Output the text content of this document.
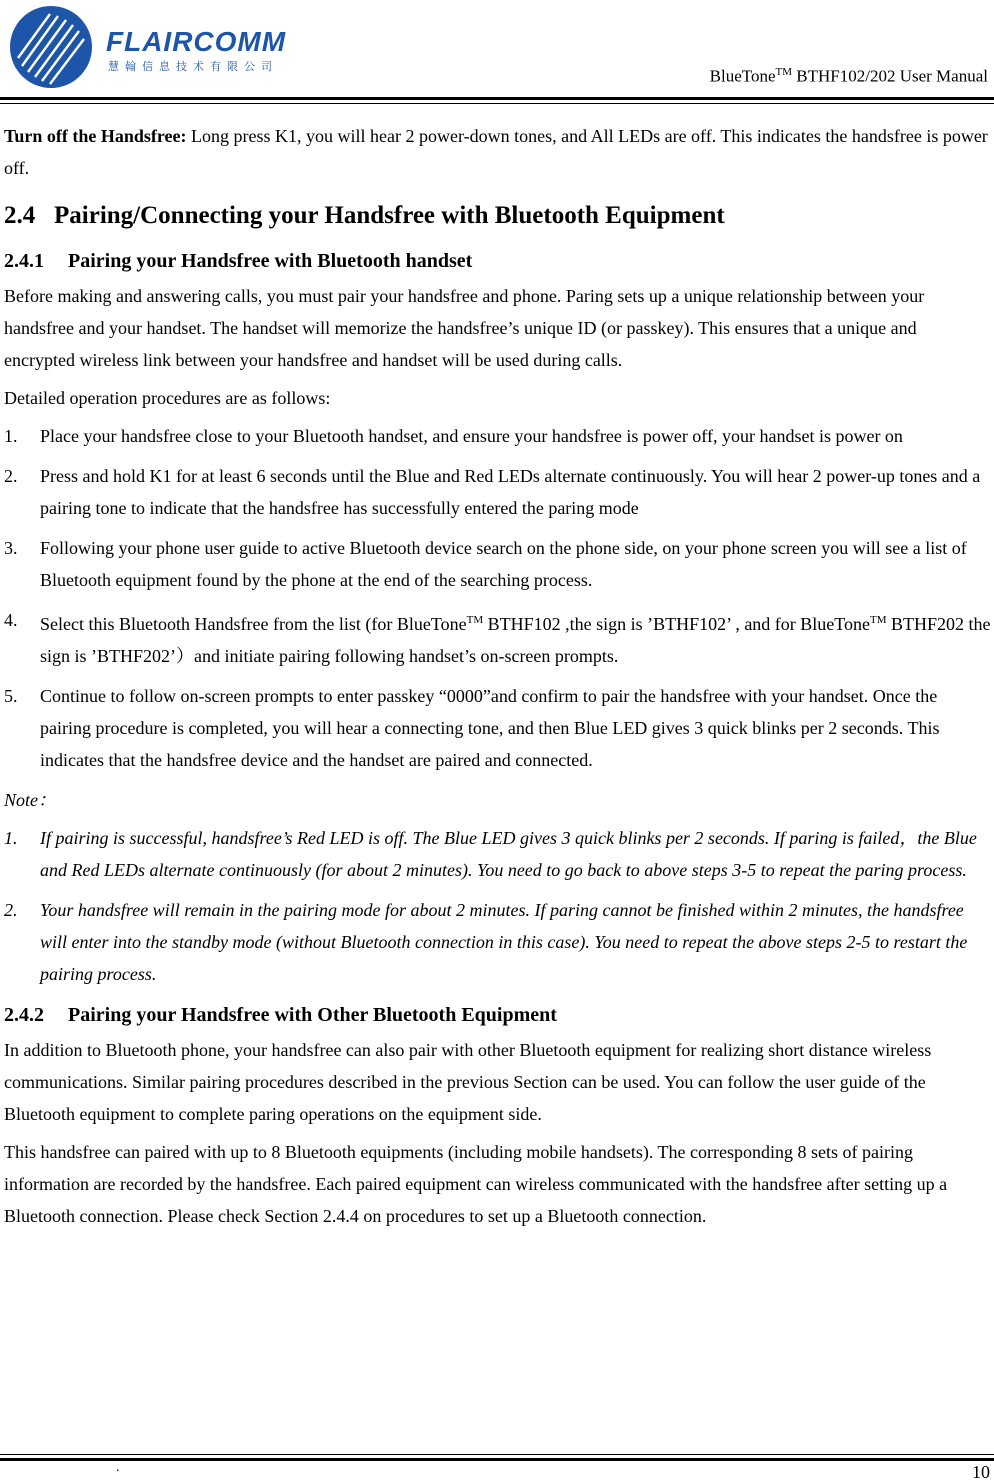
FLAIRCOMM
慧翰信息技术有限公司
BlueTone™ BTHF102/202 User Manual

Turn off the Handsfree: Long press K1, you will hear 2 power-down tones, and All LEDs are off. This indicates the handsfree is power off.

2.4 Pairing/Connecting your Handsfree with Bluetooth Equipment
2.4.1 Pairing your Handsfree with Bluetooth handset

Before making and answering calls, you must pair your handsfree and phone. Paring sets up a unique relationship between your handsfree and your handset. The handset will memorize the handsfree’s unique ID (or passkey). This ensures that a unique and encrypted wireless link between your handsfree and handset will be used during calls.

Detailed operation procedures are as follows:

1. Place your handsfree close to your Bluetooth handset, and ensure your handsfree is power off, your handset is power on
2. Press and hold K1 for at least 6 seconds until the Blue and Red LEDs alternate continuously. You will hear 2 power-up tones and a pairing tone to indicate that the handsfree has successfully entered the paring mode
3. Following your phone user guide to active Bluetooth device search on the phone side, on your phone screen you will see a list of Bluetooth equipment found by the phone at the end of the searching process.
4. Select this Bluetooth Handsfree from the list (for BlueTone™ BTHF102 ,the sign is ’BTHF102’ , and for BlueTone™ BTHF202 the sign is ’BTHF202’）and initiate pairing following handset’s on-screen prompts.
5. Continue to follow on-screen prompts to enter passkey “0000”and confirm to pair the handsfree with your handset. Once the pairing procedure is completed, you will hear a connecting tone, and then Blue LED gives 3 quick blinks per 2 seconds. This indicates that the handsfree device and the handset are paired and connected.

Note：

1. If pairing is successful, handsfree’s Red LED is off. The Blue LED gives 3 quick blinks per 2 seconds. If paring is failed，the Blue and Red LEDs alternate continuously (for about 2 minutes). You need to go back to above steps 3-5 to repeat the paring process.
2. Your handsfree will remain in the pairing mode for about 2 minutes. If paring cannot be finished within 2 minutes, the handsfree will enter into the standby mode (without Bluetooth connection in this case). You need to repeat the above steps 2-5 to restart the pairing process.
2.4.2 Pairing your Handsfree with Other Bluetooth Equipment

In addition to Bluetooth phone, your handsfree can also pair with other Bluetooth equipment for realizing short distance wireless communications. Similar pairing procedures described in the previous Section can be used. You can follow the user guide of the Bluetooth equipment to complete paring operations on the equipment side.

This handsfree can paired with up to 8 Bluetooth equipments (including mobile handsets). The corresponding 8 sets of pairing information are recorded by the handsfree. Each paired equipment can wireless communicated with the handsfree after setting up a Bluetooth connection. Please check Section 2.4.4 on procedures to set up a Bluetooth connection.

.	10
